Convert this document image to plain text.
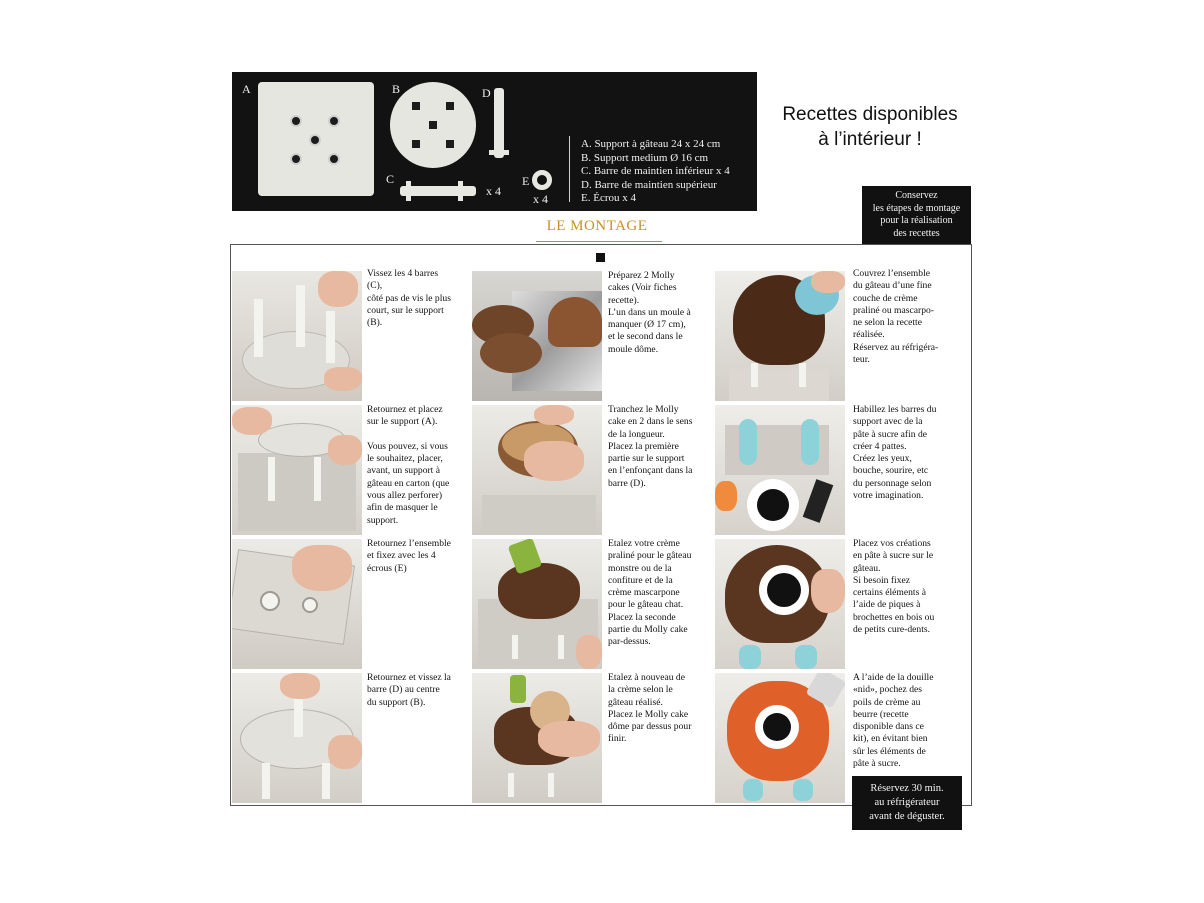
A	B	D
C
x 4
E
x 4
A. Support à gâteau 24 x 24 cm
B. Support medium Ø 16 cm
C. Barre de maintien inférieur x 4
D. Barre de maintien supérieur
E. Écrou x 4
Recettes disponibles
à l’intérieur !
Conservez
les étapes de montage
pour la réalisation
des recettes
LE MONTAGE
Vissez les 4 barres
(C),
côté pas de vis le plus
court, sur le support
(B).
Retournez et placez
sur le support (A).

Vous pouvez, si vous
le souhaitez, placer,
avant, un support à
gâteau en carton (que
vous allez perforer)
afin de masquer le
support.
Retournez l’ensemble
et fixez avec les 4
écrous (E)
Retournez et vissez la
barre (D) au centre
du support (B).
Préparez 2 Molly
cakes (Voir fiches
recette).
L’un dans un moule à
manquer (Ø 17 cm),
et le second dans le
moule dôme.
Tranchez le Molly
cake en 2 dans le sens
de la longueur.
Placez la première
partie sur le support
en l’enfonçant dans la
barre (D).
Etalez votre crème
praliné pour le gâteau
monstre ou de la
confiture et de la
crème mascarpone
pour le gâteau chat.
Placez la seconde
partie du Molly cake
par-dessus.
Etalez à nouveau de
la crème selon le
gâteau réalisé.
Placez le Molly cake
dôme par dessus pour
finir.
Couvrez l’ensemble
du gâteau d’une fine
couche de crème
praliné ou mascarpo-
ne selon la recette
réalisée.
Réservez au réfrigéra-
teur.
Habillez les barres du
support avec de la
pâte à sucre afin de
créer 4 pattes.
Créez les yeux,
bouche, sourire, etc
du personnage selon
votre imagination.
Placez vos créations
en pâte à sucre sur le
gâteau.
Si besoin fixez
certains éléments à
l’aide de piques à
brochettes en bois ou
de petits cure-dents.
A l’aide de la douille
«nid», pochez des
poils de crème au
beurre (recette
disponible dans ce
kit), en évitant bien
sûr les éléments de
pâte à sucre.
Réservez 30 min.
au réfrigérateur
avant de déguster.
